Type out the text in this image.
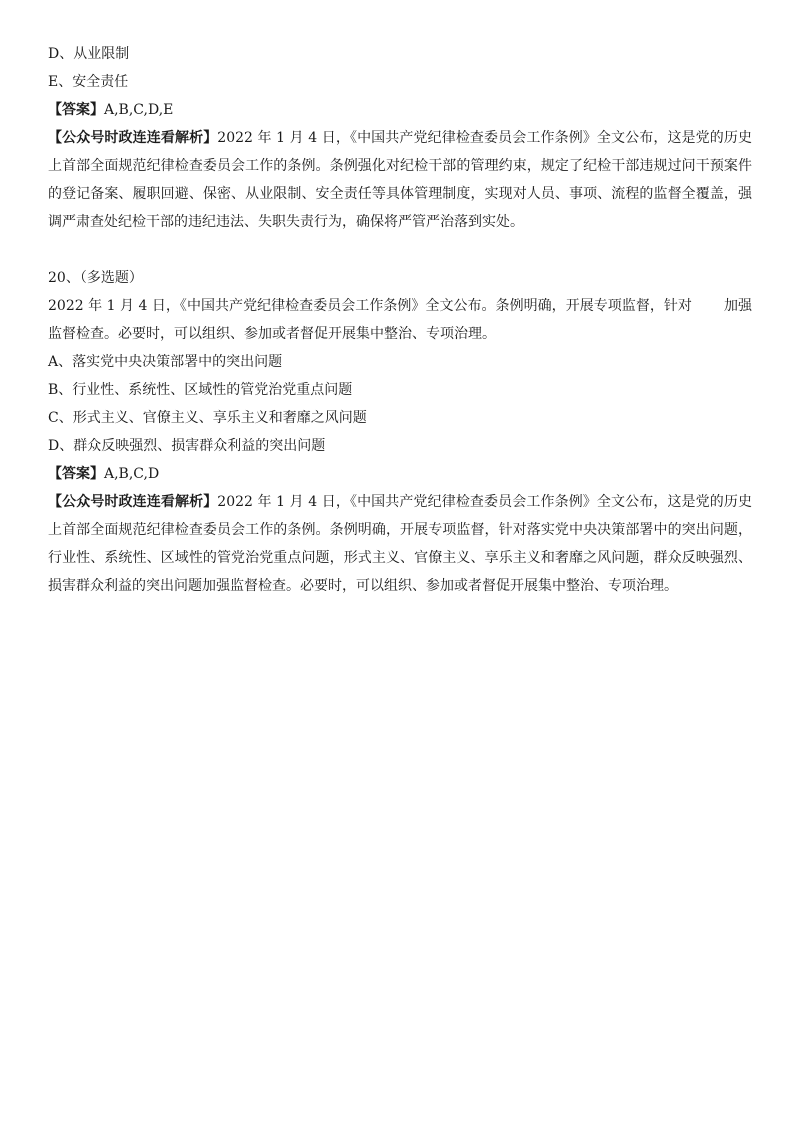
D、从业限制
E、安全责任
【答案】A,B,C,D,E
【公众号时政连连看解析】2022 年 1 月 4 日，《中国共产党纪律检查委员会工作条例》全文公布，这是党的历史上首部全面规范纪律检查委员会工作的条例。条例强化对纪检干部的管理约束，规定了纪检干部违规过问干预案件的登记备案、履职回避、保密、从业限制、安全责任等具体管理制度，实现对人员、事项、流程的监督全覆盖，强调严肃查处纪检干部的违纪违法、失职失责行为，确保将严管严治落到实处。
20、（多选题）
2022 年 1 月 4 日，《中国共产党纪律检查委员会工作条例》全文公布。条例明确，开展专项监督，针对 加强监督检查。必要时，可以组织、参加或者督促开展集中整治、专项治理。
A、落实党中央决策部署中的突出问题
B、行业性、系统性、区域性的管党治党重点问题
C、形式主义、官僚主义、享乐主义和奢靡之风问题
D、群众反映强烈、损害群众利益的突出问题
【答案】A,B,C,D
【公众号时政连连看解析】2022 年 1 月 4 日，《中国共产党纪律检查委员会工作条例》全文公布，这是党的历史上首部全面规范纪律检查委员会工作的条例。条例明确，开展专项监督，针对落实党中央决策部署中的突出问题，行业性、系统性、区域性的管党治党重点问题，形式主义、官僚主义、享乐主义和奢靡之风问题，群众反映强烈、损害群众利益的突出问题加强监督检查。必要时，可以组织、参加或者督促开展集中整治、专项治理。
